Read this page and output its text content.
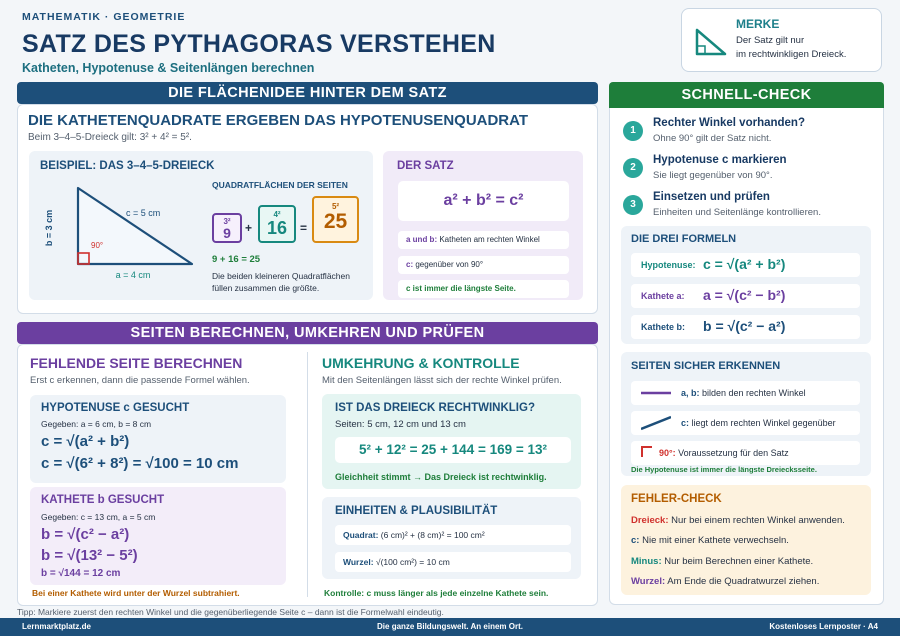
MATHEMATIK · GEOMETRIE
SATZ DES PYTHAGORAS VERSTEHEN
Katheten, Hypotenuse & Seitenlängen berechnen
MERKE
Der Satz gilt nur
im rechtwinkligen Dreieck.
DIE FLÄCHENIDEE HINTER DEM SATZ
DIE KATHETENQUADRATE ERGEBEN DAS HYPOTENUSENQUADRAT
Beim 3–4–5-Dreieck gilt: 3² + 4² = 5².
BEISPIEL: DAS 3–4–5-DREIECK
90°
b = 3 cm	c = 5 cm
a = 4 cm
QUADRATFLÄCHEN DER SEITEN
3²
9	+
4²
16	=
5²
25
9 + 16 = 25
Die beiden kleineren Quadratflächen füllen zusammen die größte.
DER SATZ
a² + b² = c²
a und b: Katheten am rechten Winkel
c: gegenüber von 90°
c ist immer die längste Seite.
SEITEN BERECHNEN, UMKEHREN UND PRÜFEN
FEHLENDE SEITE BERECHNEN
Erst c erkennen, dann die passende Formel wählen.
HYPOTENUSE c GESUCHT
Gegeben: a = 6 cm, b = 8 cm
c = √(a² + b²)
c = √(6² + 8²) = √100 = 10 cm
KATHETE b GESUCHT
Gegeben: c = 13 cm, a = 5 cm
b = √(c² − a²)
b = √(13² − 5²)
b = √144 = 12 cm
Bei einer Kathete wird unter der Wurzel subtrahiert.
UMKEHRUNG & KONTROLLE
Mit den Seitenlängen lässt sich der rechte Winkel prüfen.
IST DAS DREIECK RECHTWINKLIG?
Seiten: 5 cm, 12 cm und 13 cm
5² + 12² = 25 + 144 = 169 = 13²
Gleichheit stimmt → Das Dreieck ist rechtwinklig.
EINHEITEN & PLAUSIBILITÄT
Quadrat: (6 cm)² + (8 cm)² = 100 cm²
Wurzel: √(100 cm²) = 10 cm
Kontrolle: c muss länger als jede einzelne Kathete sein.
SCHNELL-CHECK
1
Rechter Winkel vorhanden?
Ohne 90° gilt der Satz nicht.
2
Hypotenuse c markieren
Sie liegt gegenüber von 90°.
3
Einsetzen und prüfen
Einheiten und Seitenlänge kontrollieren.
DIE DREI FORMELN
Hypotenuse: c = √(a² + b²)
Kathete a: a = √(c² − b²)
Kathete b: b = √(c² − a²)
SEITEN SICHER ERKENNEN
a, b: bilden den rechten Winkel
c: liegt dem rechten Winkel gegenüber
90°: Voraussetzung für den Satz
Die Hypotenuse ist immer die längste Dreiecksseite.
FEHLER-CHECK
Dreieck: Nur bei einem rechten Winkel anwenden.
c: Nie mit einer Kathete verwechseln.
Minus: Nur beim Berechnen einer Kathete.
Wurzel: Am Ende die Quadratwurzel ziehen.
Tipp: Markiere zuerst den rechten Winkel und die gegenüberliegende Seite c – dann ist die Formelwahl eindeutig.
Lernmarktplatz.de	Die ganze Bildungswelt. An einem Ort.	Kostenloses Lernposter · A4
